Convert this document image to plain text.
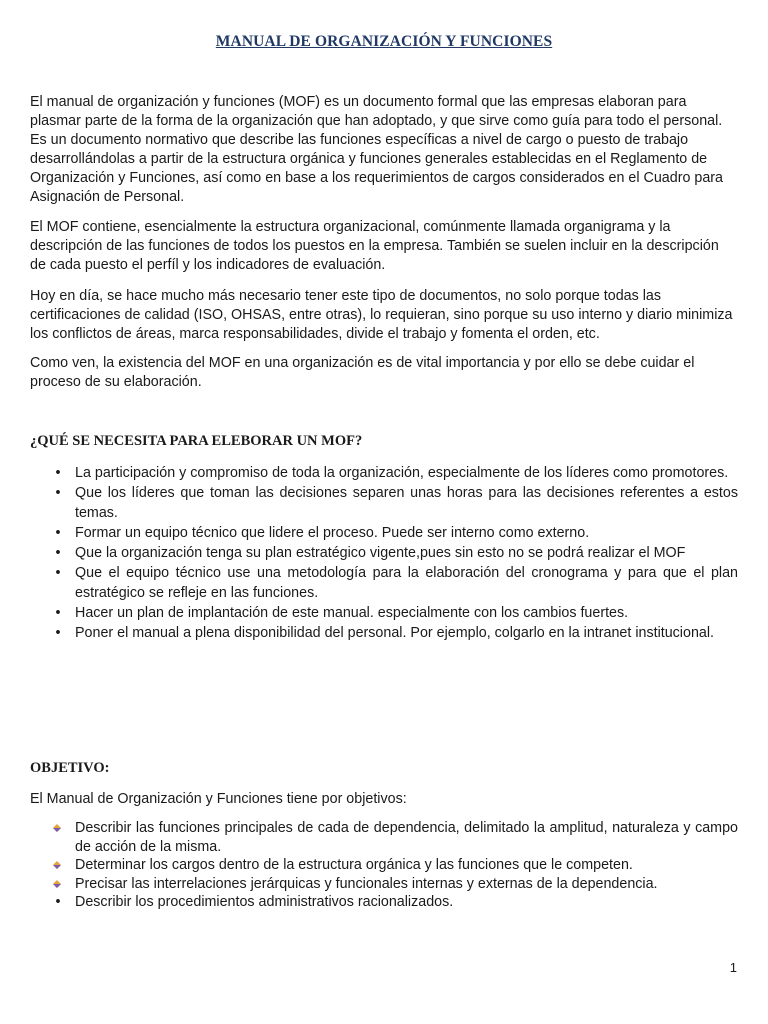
MANUAL DE ORGANIZACIÓN Y FUNCIONES

El manual de organización y funciones (MOF) es un documento formal que las empresas elaboran para plasmar parte de la forma de la organización que han adoptado, y que sirve como guía para todo el personal. Es un documento normativo que describe las funciones específicas a nivel de cargo o puesto de trabajo desarrollándolas a partir de la estructura orgánica y funciones generales establecidas en el Reglamento de Organización y Funciones, así como en base a los requerimientos de cargos considerados en el Cuadro para Asignación de Personal.

El MOF contiene, esencialmente la estructura organizacional, comúnmente llamada organigrama y la descripción de las funciones de todos los puestos en la empresa. También se suelen incluir en la descripción de cada puesto el perfíl y los indicadores de evaluación.

Hoy en día, se hace mucho más necesario tener este tipo de documentos, no solo porque todas las certificaciones de calidad (ISO, OHSAS, entre otras), lo requieran, sino porque su uso interno y diario minimiza los conflictos de áreas, marca responsabilidades, divide el trabajo y fomenta el orden, etc.

Como ven, la existencia del MOF en una organización es de vital importancia y por ello se debe cuidar el proceso de su elaboración.

¿QUÉ SE NECESITA PARA ELEBORAR UN MOF?

• La participación y compromiso de toda la organización, especialmente de los líderes como promotores.
• Que los líderes que toman las decisiones separen unas horas para las decisiones referentes a estos temas.
• Formar un equipo técnico que lidere el proceso. Puede ser interno como externo.
• Que la organización tenga su plan estratégico vigente,pues sin esto no se podrá realizar el MOF
• Que el equipo técnico use una metodología para la elaboración del cronograma y para que el plan estratégico se refleje en las funciones.
• Hacer un plan de implantación de este manual. especialmente con los cambios fuertes.
• Poner el manual a plena disponibilidad del personal. Por ejemplo, colgarlo en la intranet institucional.

OBJETIVO:

El Manual de Organización y Funciones tiene por objetivos:

Describir las funciones principales de cada de dependencia, delimitado la amplitud, naturaleza y campo de acción de la misma.
Determinar los cargos dentro de la estructura orgánica y las funciones que le competen.
Precisar las interrelaciones jerárquicas y funcionales internas y externas de la dependencia.
• Describir los procedimientos administrativos racionalizados.
1
